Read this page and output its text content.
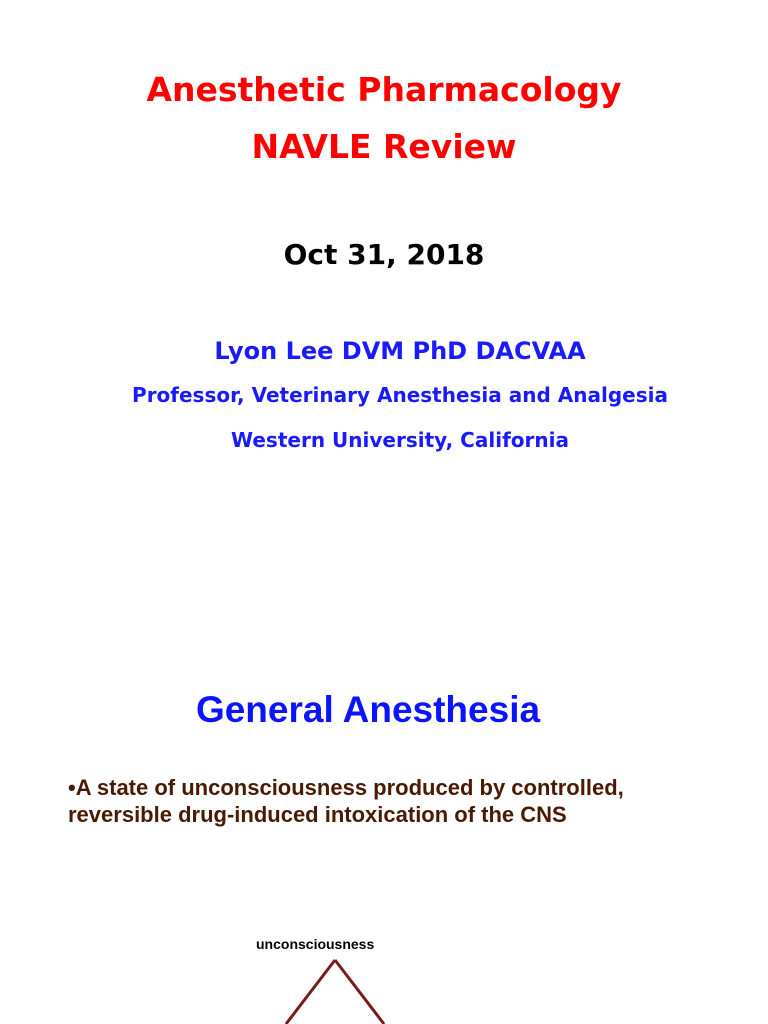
Anesthetic Pharmacology
NAVLE Review
Oct 31, 2018
Lyon Lee DVM PhD DACVAA
Professor, Veterinary Anesthesia and Analgesia
Western University, California
General Anesthesia

•A state of unconsciousness produced by controlled, reversible drug-induced intoxication of the CNS

unconsciousness
